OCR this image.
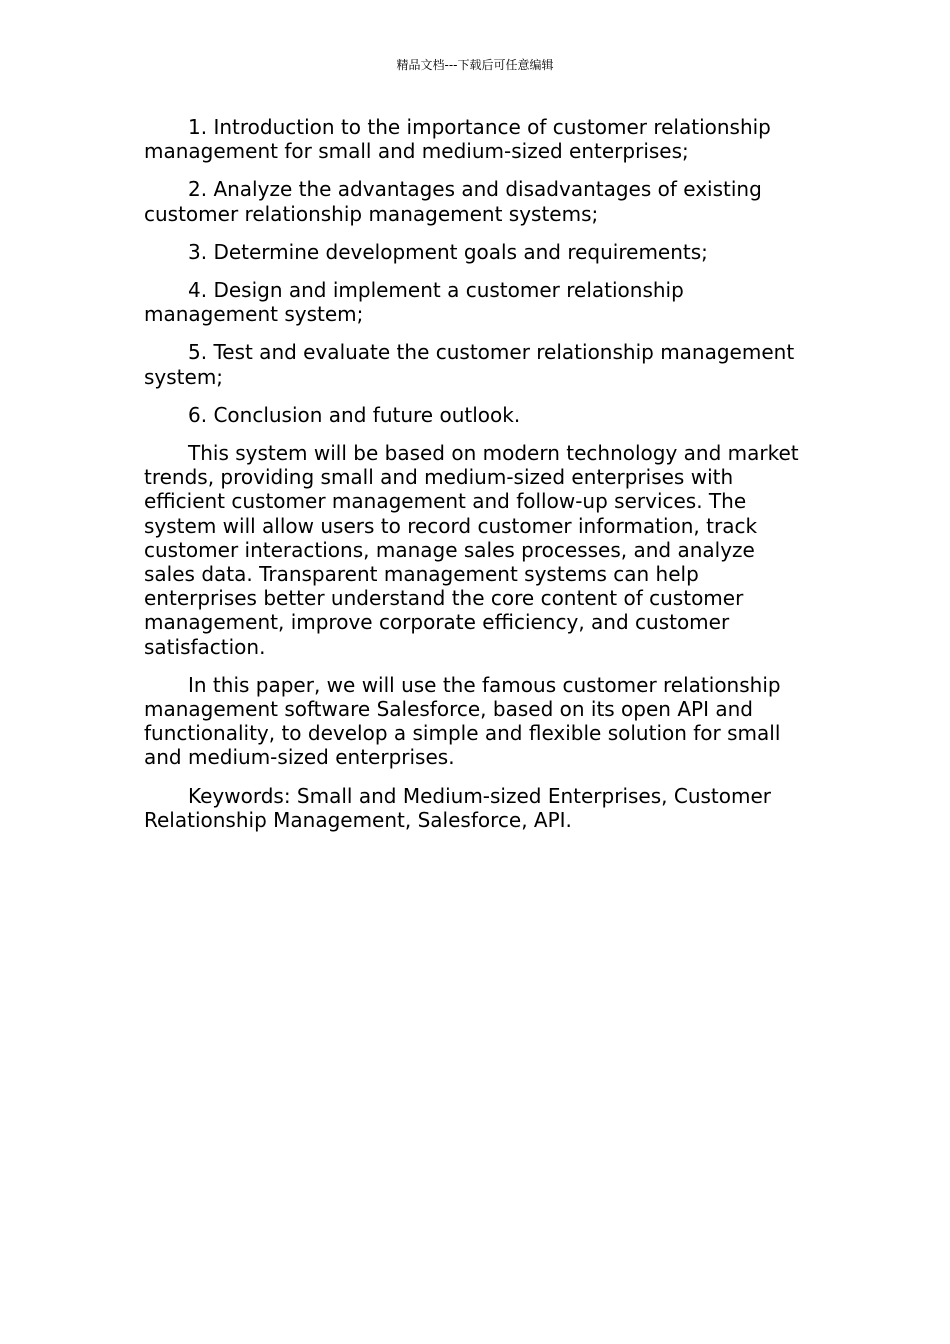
精品文档---下载后可任意编辑

1. Introduction to the importance of customer relationship management for small and medium-sized enterprises;

2. Analyze the advantages and disadvantages of existing customer relationship management systems;

3. Determine development goals and requirements;

4. Design and implement a customer relationship management system;

5. Test and evaluate the customer relationship management system;

6. Conclusion and future outlook.

This system will be based on modern technology and market trends, providing small and medium-sized enterprises with efficient customer management and follow-up services. The system will allow users to record customer information, track customer interactions, manage sales processes, and analyze sales data. Transparent management systems can help enterprises better understand the core content of customer management, improve corporate efficiency, and customer satisfaction.

In this paper, we will use the famous customer relationship management software Salesforce, based on its open API and functionality, to develop a simple and flexible solution for small and medium-sized enterprises.

Keywords: Small and Medium-sized Enterprises, Customer Relationship Management, Salesforce, API.
